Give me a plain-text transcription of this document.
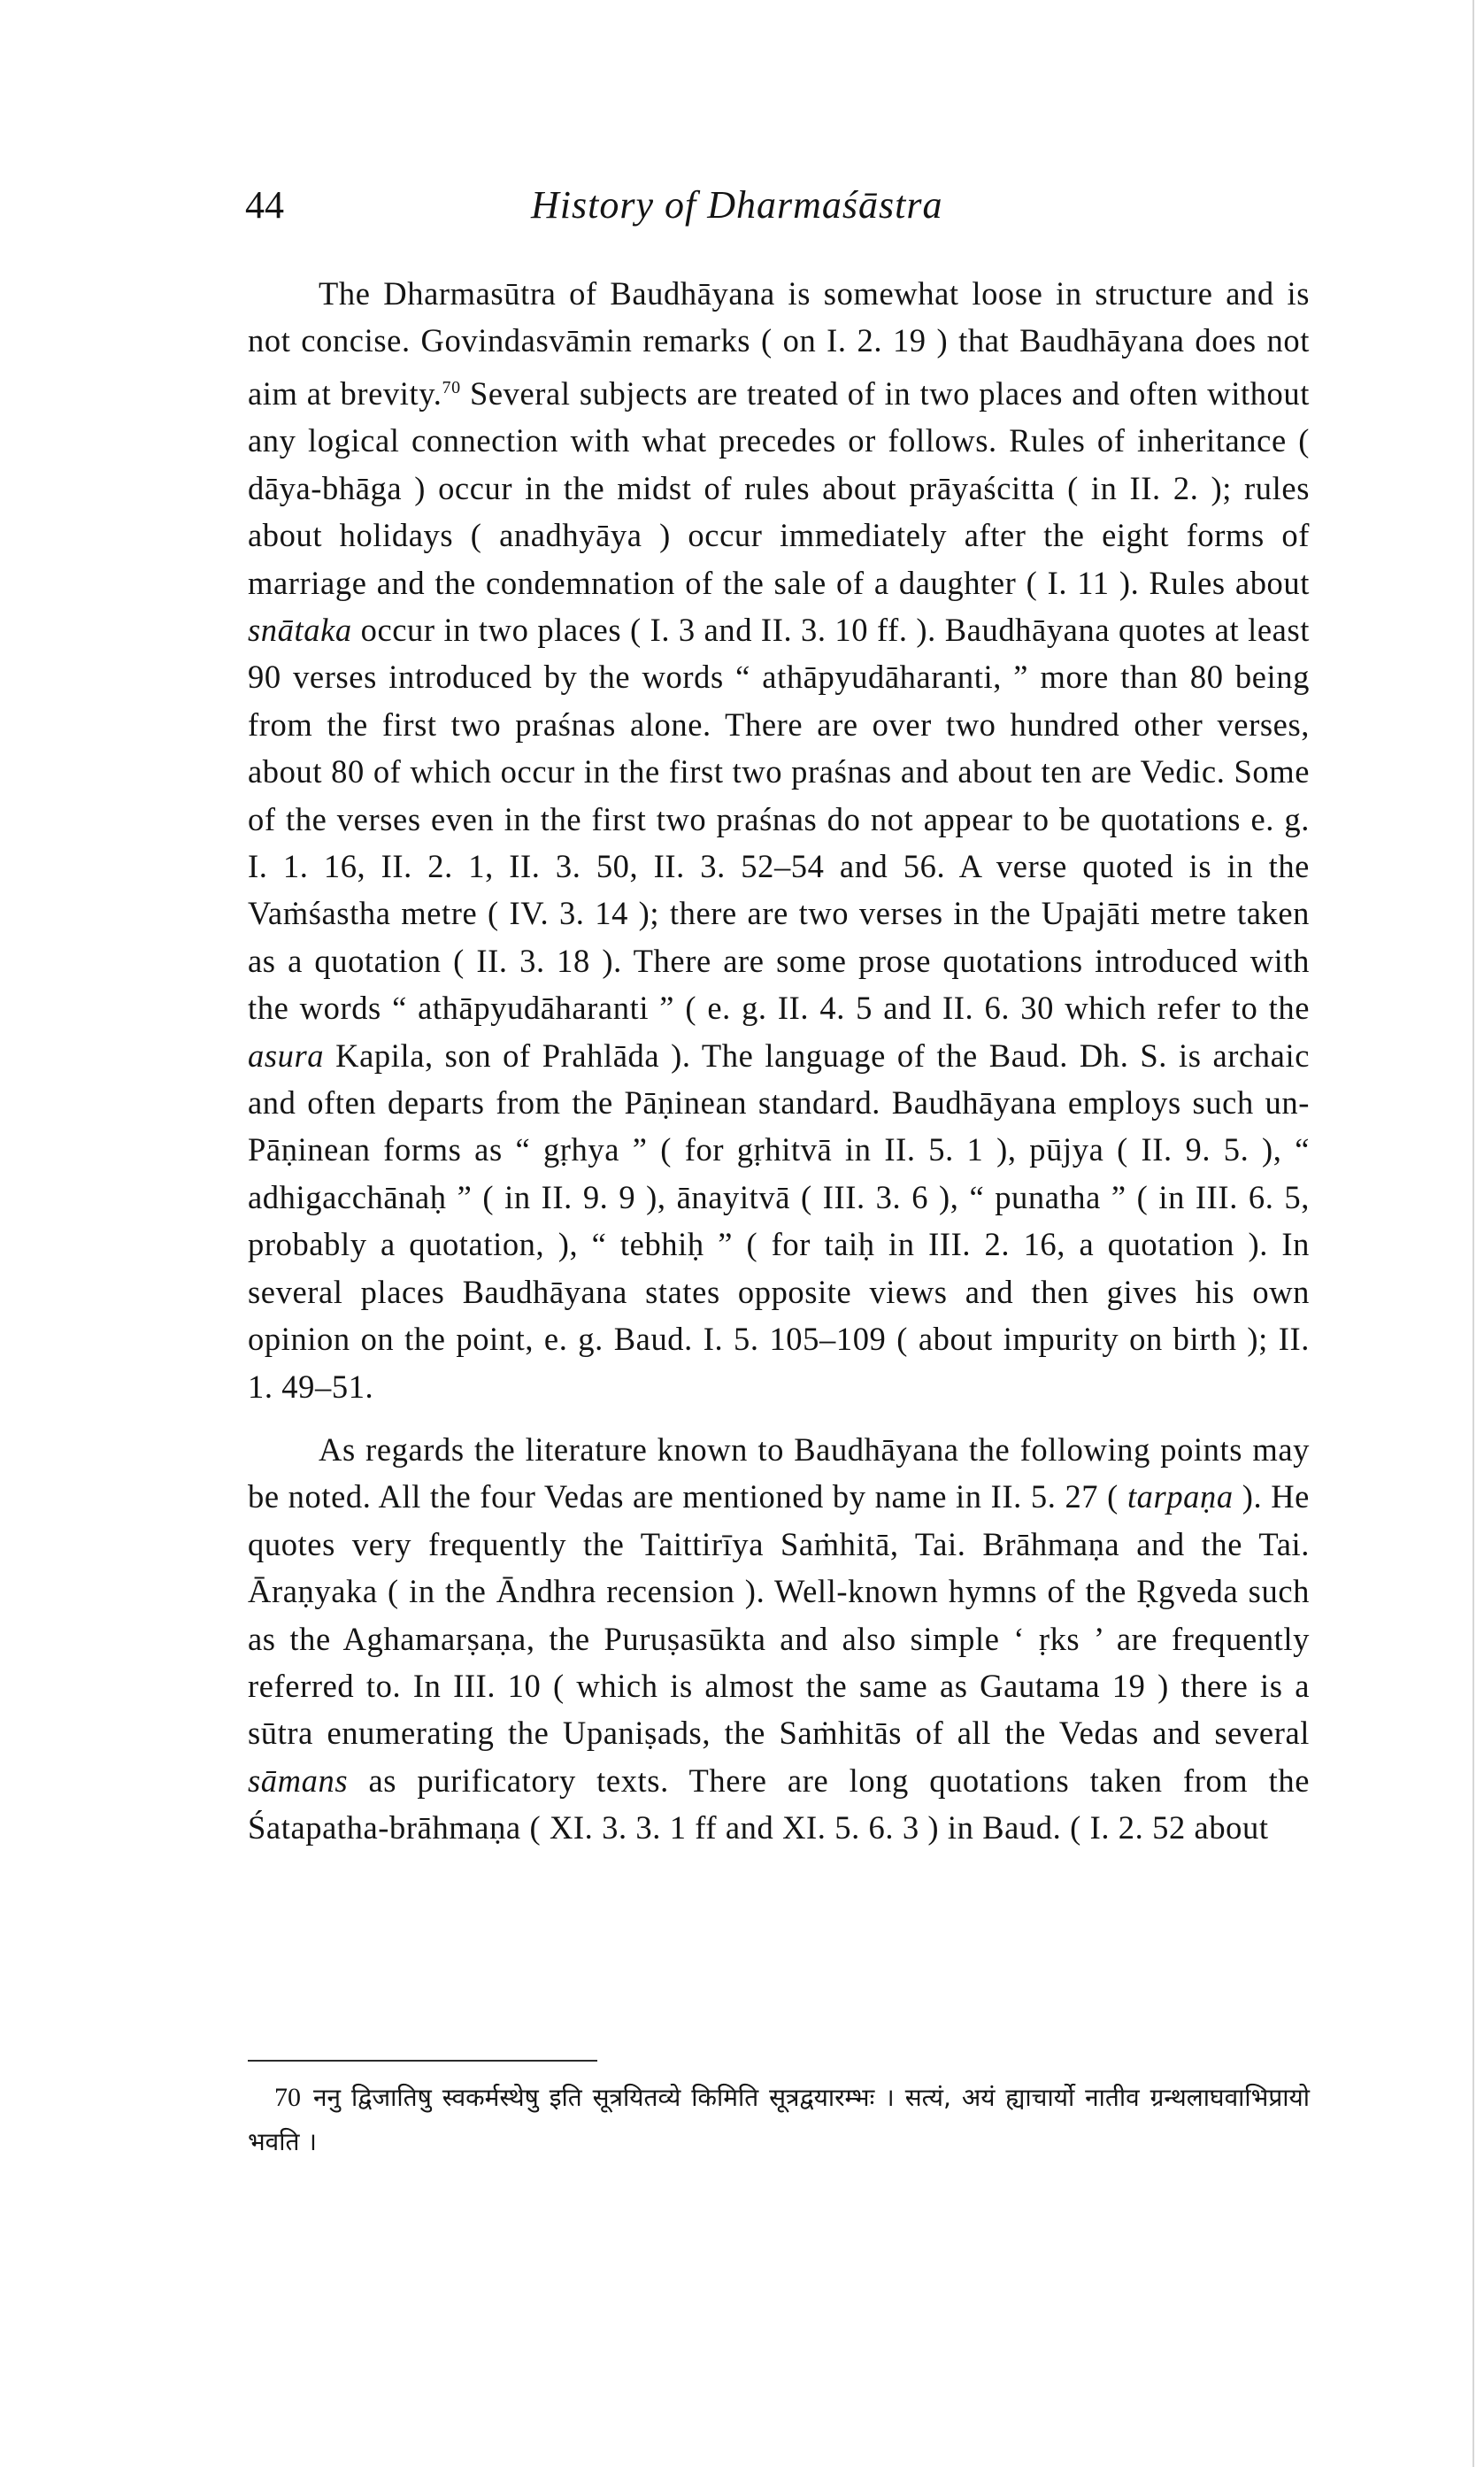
44	History of Dharmaśāstra

The Dharmasūtra of Baudhāyana is somewhat loose in structure and is not concise. Govindasvāmin remarks ( on I. 2. 19 ) that Baudhāyana does not aim at brevity.$^{70}$ Several subjects are treated of in two places and often without any logical connection with what precedes or follows. Rules of inheritance ( dāya-bhāga ) occur in the midst of rules about prāyaścitta ( in II. 2. ); rules about holidays ( anadhyāya ) occur immediately after the eight forms of marriage and the condemnation of the sale of a daughter ( I. 11 ). Rules about snātaka occur in two places ( I. 3 and II. 3. 10 ff. ). Baudhāyana quotes at least 90 verses introduced by the words “ athāpyudāharanti, ” more than 80 being from the first two praśnas alone. There are over two hundred other verses, about 80 of which occur in the first two praśnas and about ten are Vedic. Some of the verses even in the first two praśnas do not appear to be quotations e. g. I. 1. 16, II. 2. 1, II. 3. 50, II. 3. 52–54 and 56. A verse quoted is in the Vaṁśastha metre ( IV. 3. 14 ); there are two verses in the Upajāti metre taken as a quotation ( II. 3. 18 ). There are some prose quotations introduced with the words “ athāpyudāharanti ” ( e. g. II. 4. 5 and II. 6. 30 which refer to the asura Kapila, son of Prahlāda ). The language of the Baud. Dh. S. is archaic and often departs from the Pāṇinean standard. Baudhāyana employs such un-Pāṇinean forms as “ gṛhya ” ( for gṛhitvā in II. 5. 1 ), pūjya ( II. 9. 5. ), “ adhigacchānaḥ ” ( in II. 9. 9 ), ānayitvā ( III. 3. 6 ), “ punatha ” ( in III. 6. 5, probably a quotation, ), “ tebhiḥ ” ( for taiḥ in III. 2. 16, a quotation ). In several places Baudhāyana states opposite views and then gives his own opinion on the point, e. g. Baud. I. 5. 105–109 ( about impurity on birth ); II. 1. 49–51.

As regards the literature known to Baudhāyana the following points may be noted. All the four Vedas are mentioned by name in II. 5. 27 ( tarpaṇa ). He quotes very frequently the Taittirīya Saṁhitā, Tai. Brāhmaṇa and the Tai. Āraṇyaka ( in the Āndhra recension ). Well-known hymns of the Ṛgveda such as the Aghamarṣaṇa, the Puruṣasūkta and also simple ‘ ṛks ’ are frequently referred to. In III. 10 ( which is almost the same as Gautama 19 ) there is a sūtra enumerating the Upaniṣads, the Saṁhitās of all the Vedas and several sāmans as purificatory texts. There are long quotations taken from the Śatapatha-brāhmaṇa ( XI. 3. 3. 1 ff and XI. 5. 6. 3 ) in Baud. ( I. 2. 52 about

70 ननु द्विजातिषु स्वकर्मस्थेषु इति सूत्रयितव्ये किमिति सूत्रद्वयारम्भः । सत्यं, अयं ह्याचार्यो नातीव ग्रन्थलाघवाभिप्रायो भवति ।
